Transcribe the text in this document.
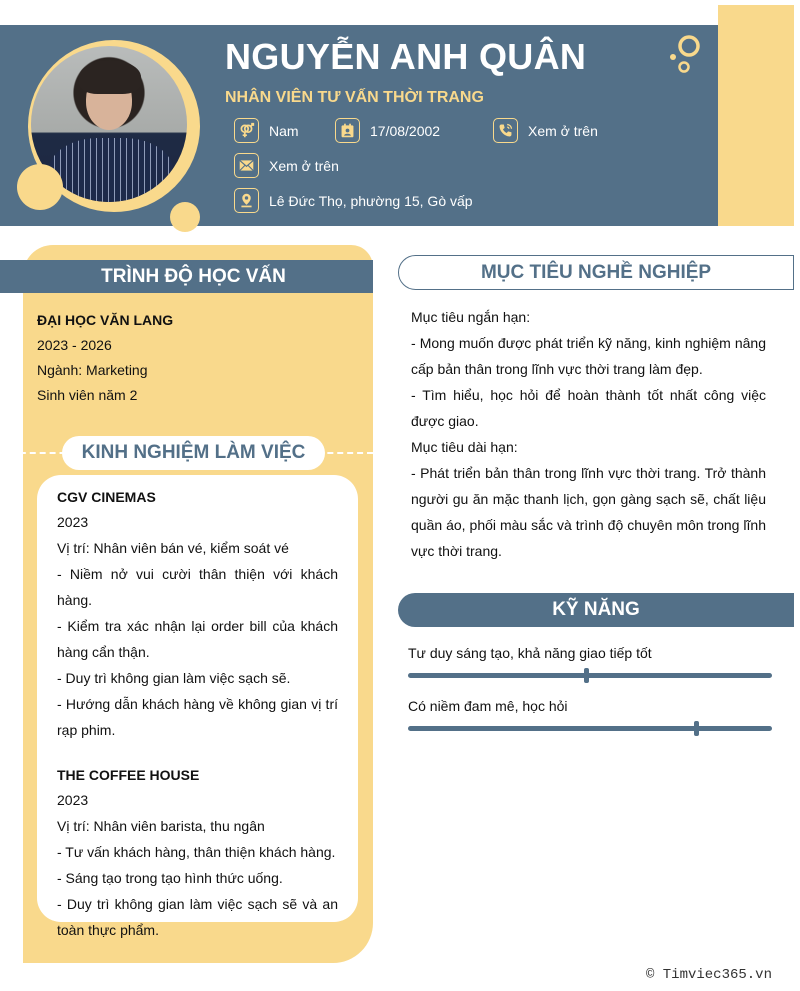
NGUYỄN ANH QUÂN
NHÂN VIÊN TƯ VẤN THỜI TRANG
Nam	17/08/2002	Xem ở trên
Xem ở trên
Lê Đức Thọ, phường 15, Gò vấp
TRÌNH ĐỘ HỌC VẤN
ĐẠI HỌC VĂN LANG
2023 - 2026
Ngành: Marketing
Sinh viên năm 2
KINH NGHIỆM LÀM VIỆC
CGV CINEMAS
2023
Vị trí: Nhân viên bán vé, kiểm soát vé
- Niềm nở vui cười thân thiện với khách hàng.
- Kiểm tra xác nhận lại order bill của khách hàng cẩn thận.
- Duy trì không gian làm việc sạch sẽ.
- Hướng dẫn khách hàng về không gian vị trí rạp phim.
THE COFFEE HOUSE
2023
Vị trí: Nhân viên barista, thu ngân
- Tư vấn khách hàng, thân thiện khách hàng.
- Sáng tạo trong tạo hình thức uống.
- Duy trì không gian làm việc sạch sẽ và an toàn thực phẩm.
MỤC TIÊU NGHỀ NGHIỆP
Mục tiêu ngắn hạn:
- Mong muốn được phát triển kỹ năng, kinh nghiệm nâng cấp bản thân trong lĩnh vực thời trang làm đẹp.
- Tìm hiểu, học hỏi để hoàn thành tốt nhất công việc được giao.
Mục tiêu dài hạn:
- Phát triển bản thân trong lĩnh vực thời trang. Trở thành người gu ăn mặc thanh lịch, gọn gàng sạch sẽ, chất liệu quần áo, phối màu sắc và trình độ chuyên môn trong lĩnh vực thời trang.
KỸ NĂNG
Tư duy sáng tạo, khả năng giao tiếp tốt
Có niềm đam mê, học hỏi
© Timviec365.vn
